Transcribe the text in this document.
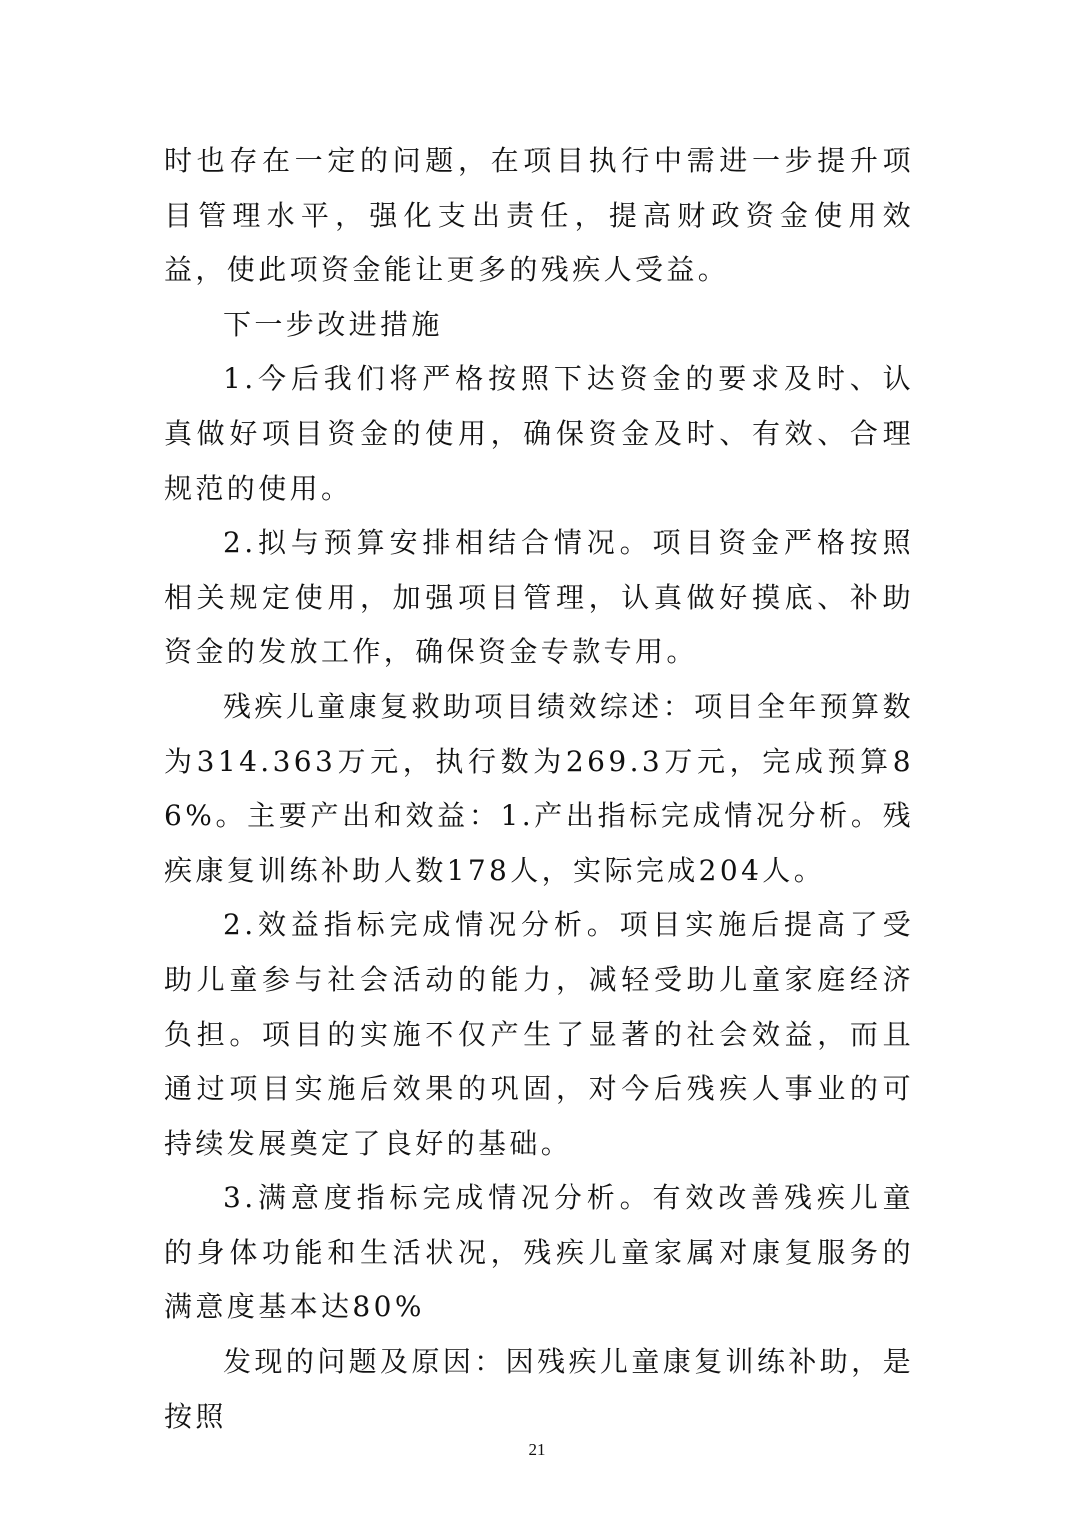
时也存在一定的问题，在项目执行中需进一步提升项目管理水平，强化支出责任，提高财政资金使用效益，使此项资金能让更多的残疾人受益。

下一步改进措施

1.今后我们将严格按照下达资金的要求及时、认真做好项目资金的使用，确保资金及时、有效、合理规范的使用。

2.拟与预算安排相结合情况。项目资金严格按照相关规定使用，加强项目管理，认真做好摸底、补助资金的发放工作，确保资金专款专用。

残疾儿童康复救助项目绩效综述：项目全年预算数为314.363万元，执行数为269.3万元，完成预算86%。主要产出和效益：1.产出指标完成情况分析。残疾康复训练补助人数178人，实际完成204人。

2.效益指标完成情况分析。项目实施后提高了受助儿童参与社会活动的能力，减轻受助儿童家庭经济负担。项目的实施不仅产生了显著的社会效益，而且通过项目实施后效果的巩固，对今后残疾人事业的可持续发展奠定了良好的基础。

3.满意度指标完成情况分析。有效改善残疾儿童的身体功能和生活状况，残疾儿童家属对康复服务的满意度基本达80%

发现的问题及原因：因残疾儿童康复训练补助，是按照

21
